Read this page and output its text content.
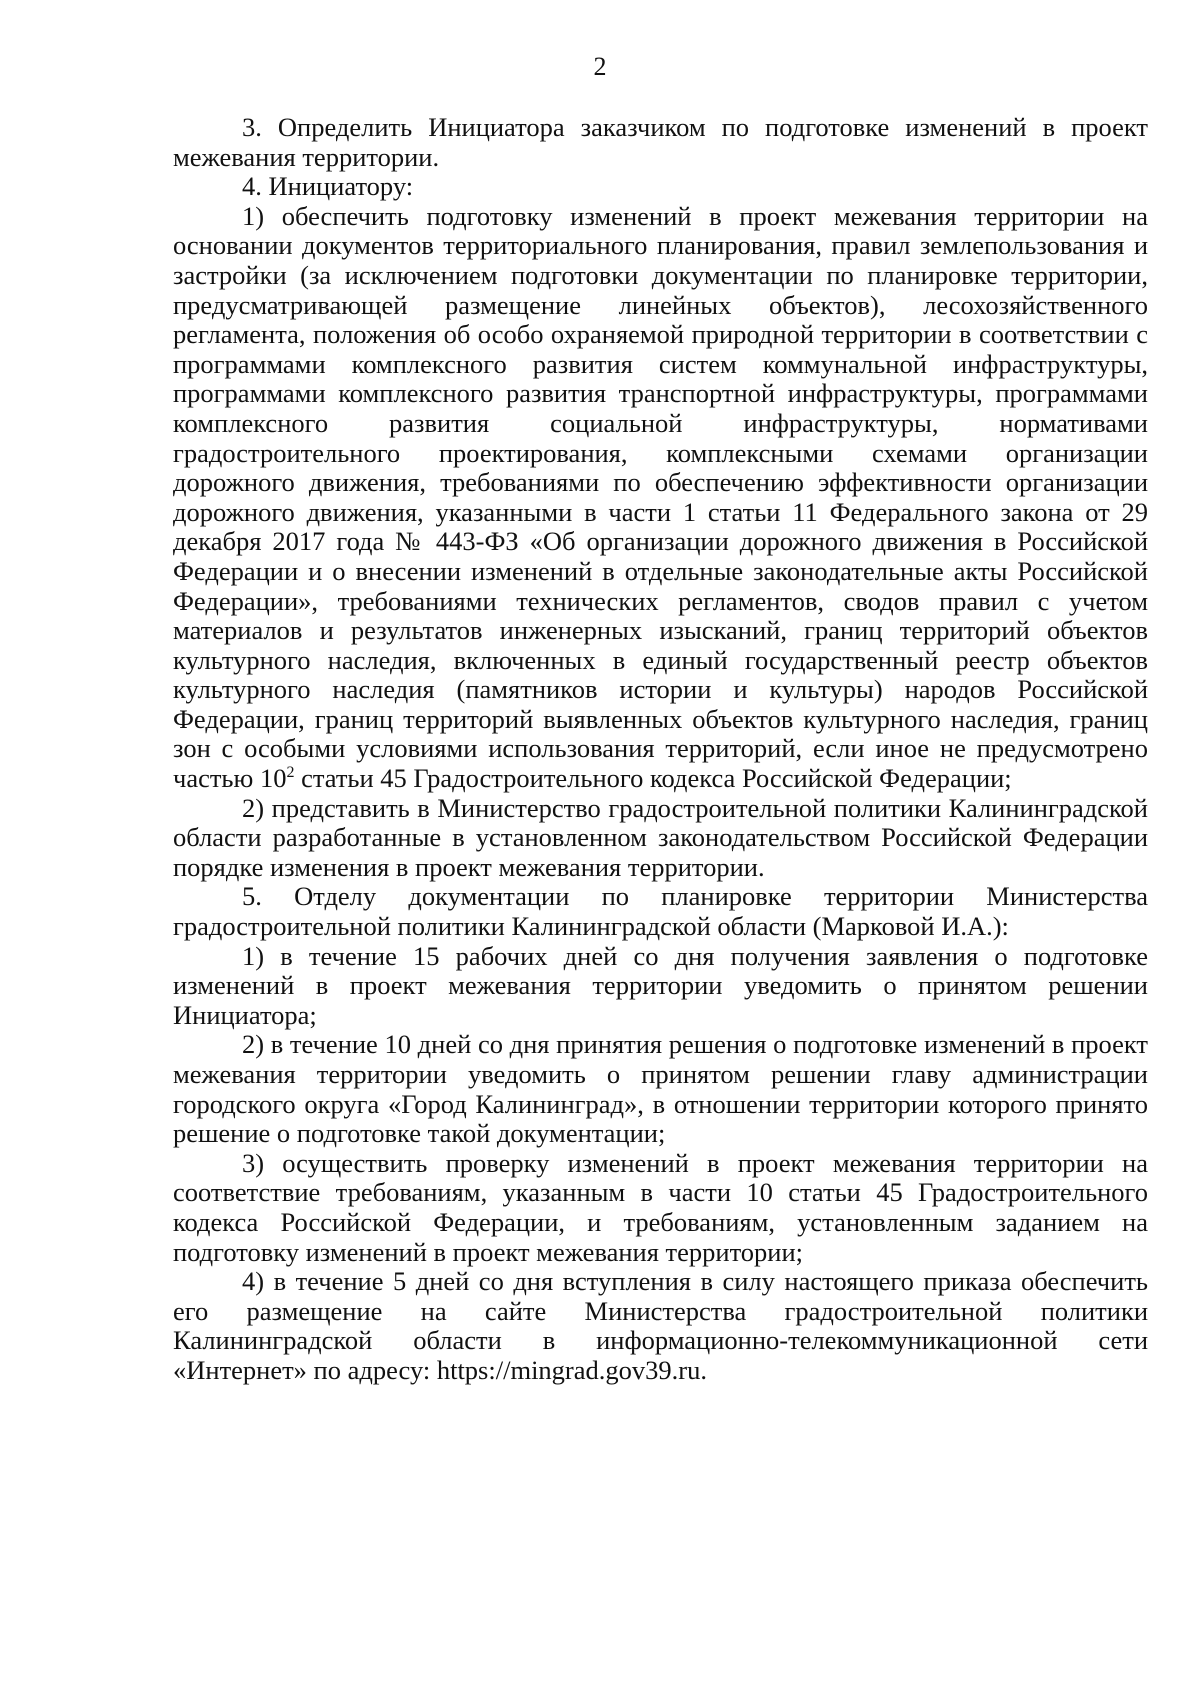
2

3. Определить Инициатора заказчиком по подготовке изменений в проект межевания территории.

4. Инициатору:

1) обеспечить подготовку изменений в проект межевания территории на основании документов территориального планирования, правил землепользования и застройки (за исключением подготовки документации по планировке территории, предусматривающей размещение линейных объектов), лесохозяйственного регламента, положения об особо охраняемой природной территории в соответствии с программами комплексного развития систем коммунальной инфраструктуры, программами комплексного развития транспортной инфраструктуры, программами комплексного развития социальной инфраструктуры, нормативами градостроительного проектирования, комплексными схемами организации дорожного движения, требованиями по обеспечению эффективности организации дорожного движения, указанными в части 1 статьи 11 Федерального закона от 29 декабря 2017 года № 443-ФЗ «Об организации дорожного движения в Российской Федерации и о внесении изменений в отдельные законодательные акты Российской Федерации», требованиями технических регламентов, сводов правил с учетом материалов и результатов инженерных изысканий, границ территорий объектов культурного наследия, включенных в единый государственный реестр объектов культурного наследия (памятников истории и культуры) народов Российской Федерации, границ территорий выявленных объектов культурного наследия, границ зон с особыми условиями использования территорий, если иное не предусмотрено частью $10^2$ статьи 45 Градостроительного кодекса Российской Федерации;

2) представить в Министерство градостроительной политики Калининградской области разработанные в установленном законодательством Российской Федерации порядке изменения в проект межевания территории.

5. Отделу документации по планировке территории Министерства градостроительной политики Калининградской области (Марковой И.А.):

1) в течение 15 рабочих дней со дня получения заявления о подготовке изменений в проект межевания территории уведомить о принятом решении Инициатора;

2) в течение 10 дней со дня принятия решения о подготовке изменений в проект межевания территории уведомить о принятом решении главу администрации городского округа «Город Калининград», в отношении территории которого принято решение о подготовке такой документации;

3) осуществить проверку изменений в проект межевания территории на соответствие требованиям, указанным в части 10 статьи 45 Градостроительного кодекса Российской Федерации, и требованиям, установленным заданием на подготовку изменений в проект межевания территории;

4) в течение 5 дней со дня вступления в силу настоящего приказа обеспечить его размещение на сайте Министерства градостроительной политики Калининградской области в информационно-телекоммуникационной сети «Интернет» по адресу: https://mingrad.gov39.ru.
